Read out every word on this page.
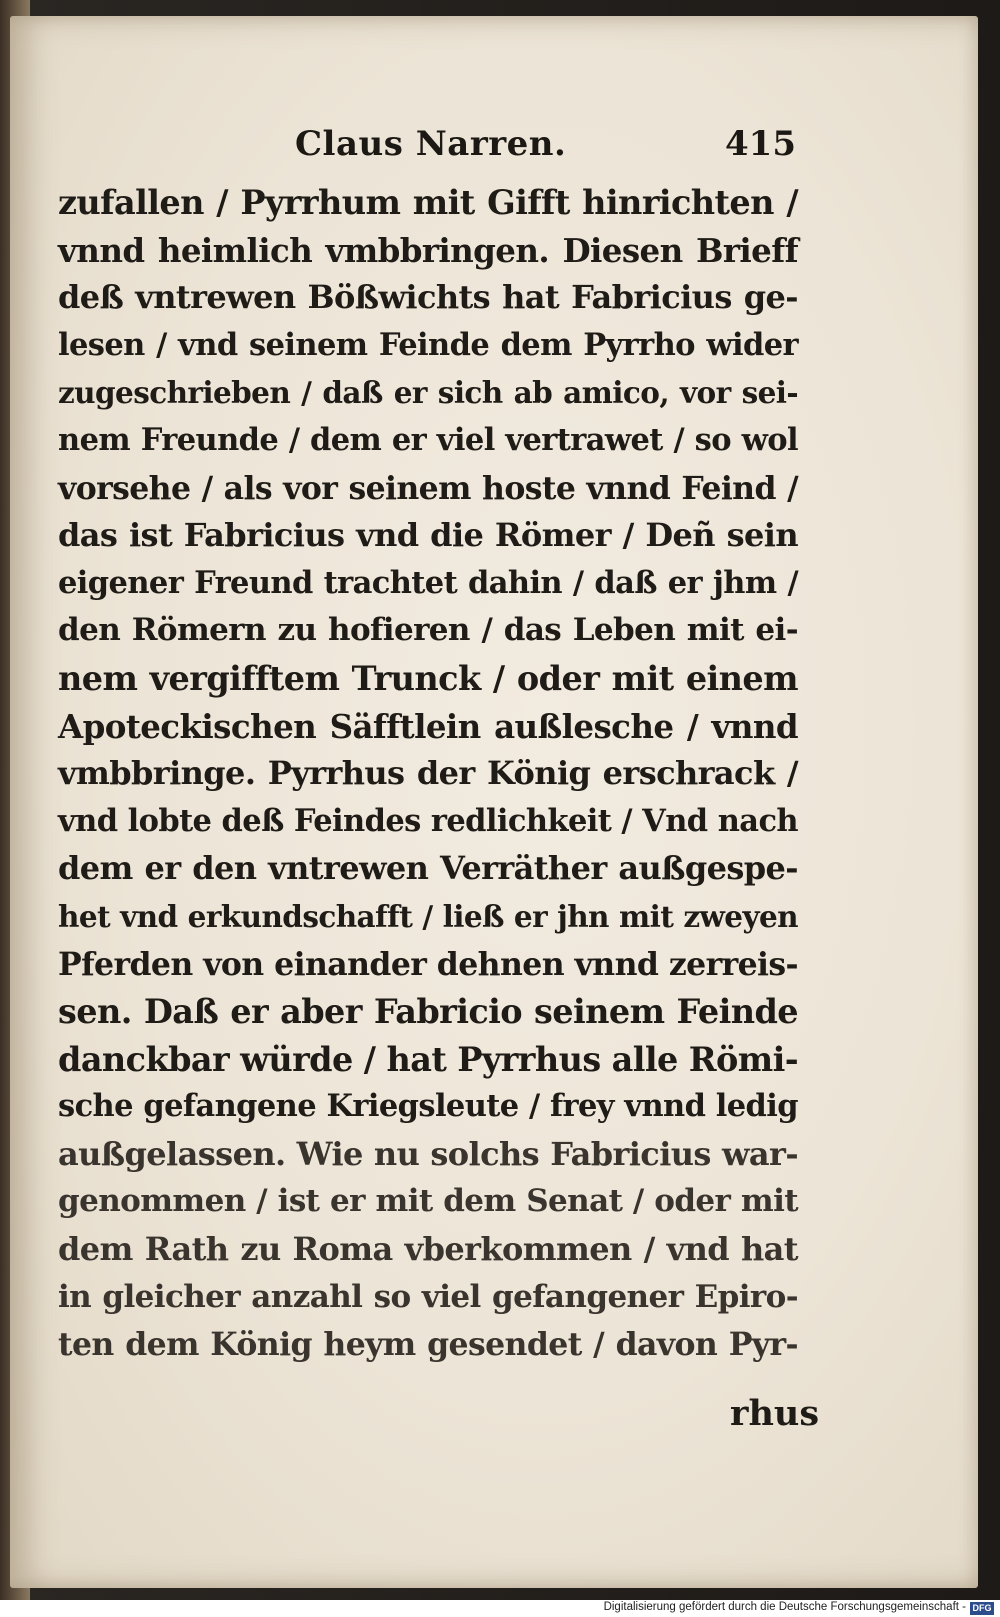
Claus Narren.	415
zufallen / Pyrrhum mit Gifft hinrichten /
vnnd heimlich vmbbringen. Diesen Brieff
deß vntrewen Bößwichts hat Fabricius ge-
lesen / vnd seinem Feinde dem Pyrrho wider
zugeschrieben / daß er sich ab amico, vor sei-
nem Freunde / dem er viel vertrawet / so wol
vorsehe / als vor seinem hoste vnnd Feind /
das ist Fabricius vnd die Römer / Deñ sein
eigener Freund trachtet dahin / daß er jhm /
den Römern zu hofieren / das Leben mit ei-
nem vergifftem Trunck / oder mit einem
Apoteckischen Säfftlein außlesche / vnnd
vmbbringe. Pyrrhus der König erschrack /
vnd lobte deß Feindes redlichkeit / Vnd nach
dem er den vntrewen Verräther außgespe-
het vnd erkundschafft / ließ er jhn mit zweyen
Pferden von einander dehnen vnnd zerreis-
sen. Daß er aber Fabricio seinem Feinde
danckbar würde / hat Pyrrhus alle Römi-
sche gefangene Kriegsleute / frey vnnd ledig
außgelassen. Wie nu solchs Fabricius war-
genommen / ist er mit dem Senat / oder mit
dem Rath zu Roma vberkommen / vnd hat
in gleicher anzahl so viel gefangener Epiro-
ten dem König heym gesendet / davon Pyr-
rhus
Digitalisierung gefördert durch die Deutsche Forschungsgemeinschaft - DFG
